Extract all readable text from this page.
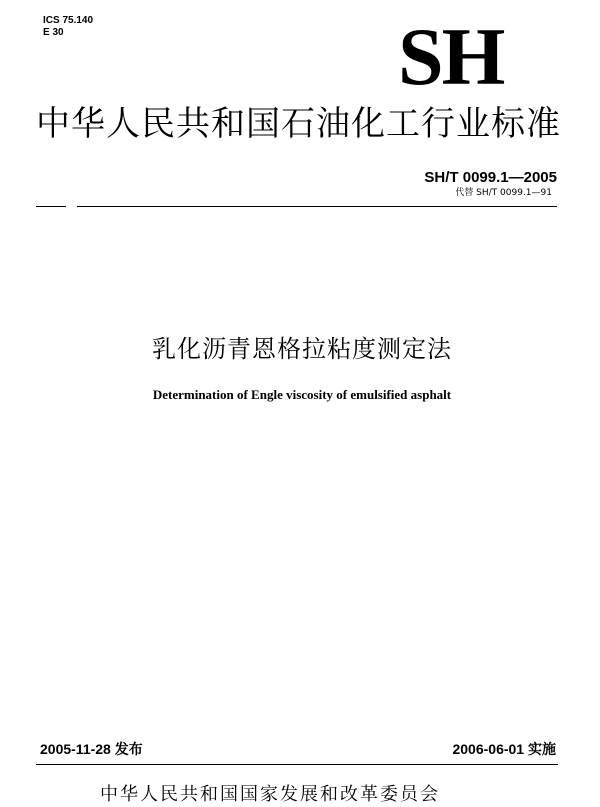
ICS 75.140
E 30	SH
中华人民共和国石油化工行业标准
SH/T 0099.1—2005
代替 SH/T 0099.1—91
乳化沥青恩格拉粘度测定法
Determination of Engle viscosity of emulsified asphalt
2005-11-28 发布	2006-06-01 实施
中华人民共和国国家发展和改革委员会
